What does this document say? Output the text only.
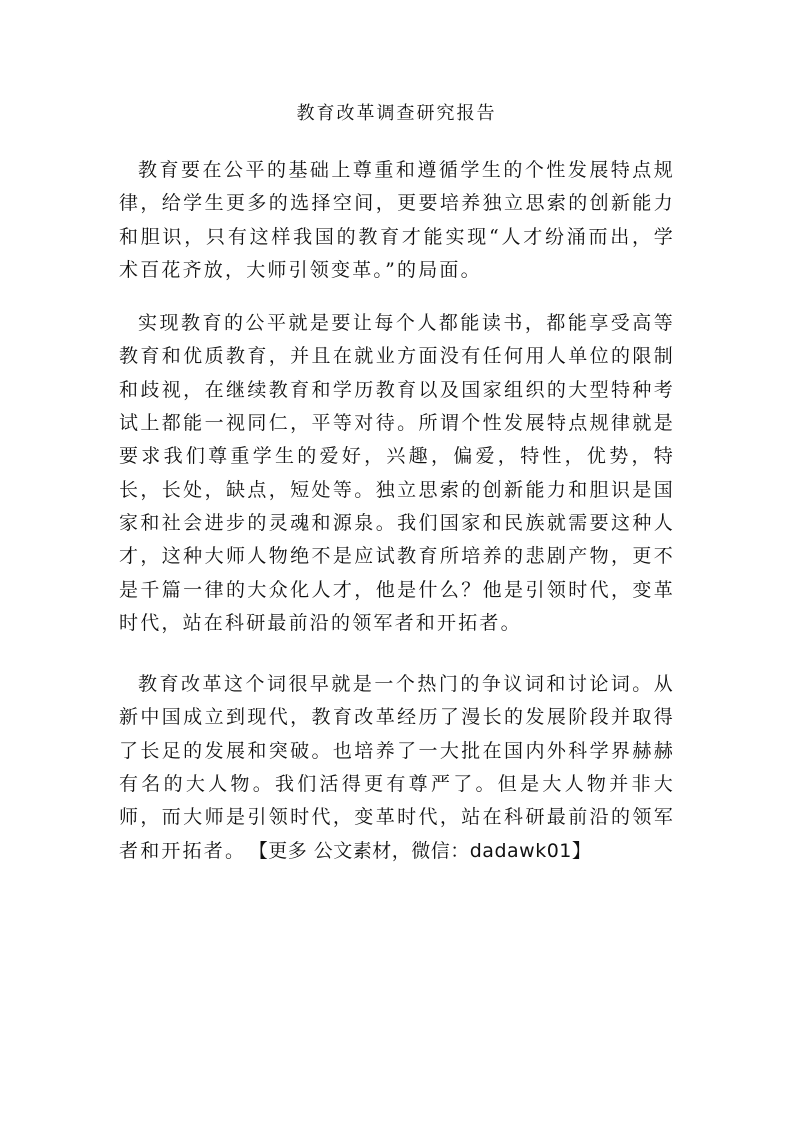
教育改革调查研究报告

教育要在公平的基础上尊重和遵循学生的个性发展特点规律，给学生更多的选择空间，更要培养独立思索的创新能力和胆识，只有这样我国的教育才能实现“人才纷涌而出，学术百花齐放，大师引领变革。”的局面。

实现教育的公平就是要让每个人都能读书，都能享受高等教育和优质教育，并且在就业方面没有任何用人单位的限制和歧视，在继续教育和学历教育以及国家组织的大型特种考试上都能一视同仁，平等对待。所谓个性发展特点规律就是要求我们尊重学生的爱好，兴趣，偏爱，特性，优势，特长，长处，缺点，短处等。独立思索的创新能力和胆识是国家和社会进步的灵魂和源泉。我们国家和民族就需要这种人才，这种大师人物绝不是应试教育所培养的悲剧产物，更不是千篇一律的大众化人才，他是什么？他是引领时代，变革时代，站在科研最前沿的领军者和开拓者。

教育改革这个词很早就是一个热门的争议词和讨论词。从新中国成立到现代，教育改革经历了漫长的发展阶段并取得了长足的发展和突破。也培养了一大批在国内外科学界赫赫有名的大人物。我们活得更有尊严了。但是大人物并非大师，而大师是引领时代，变革时代，站在科研最前沿的领军者和开拓者。 【更多 公文素材，微信：dadawk01】
